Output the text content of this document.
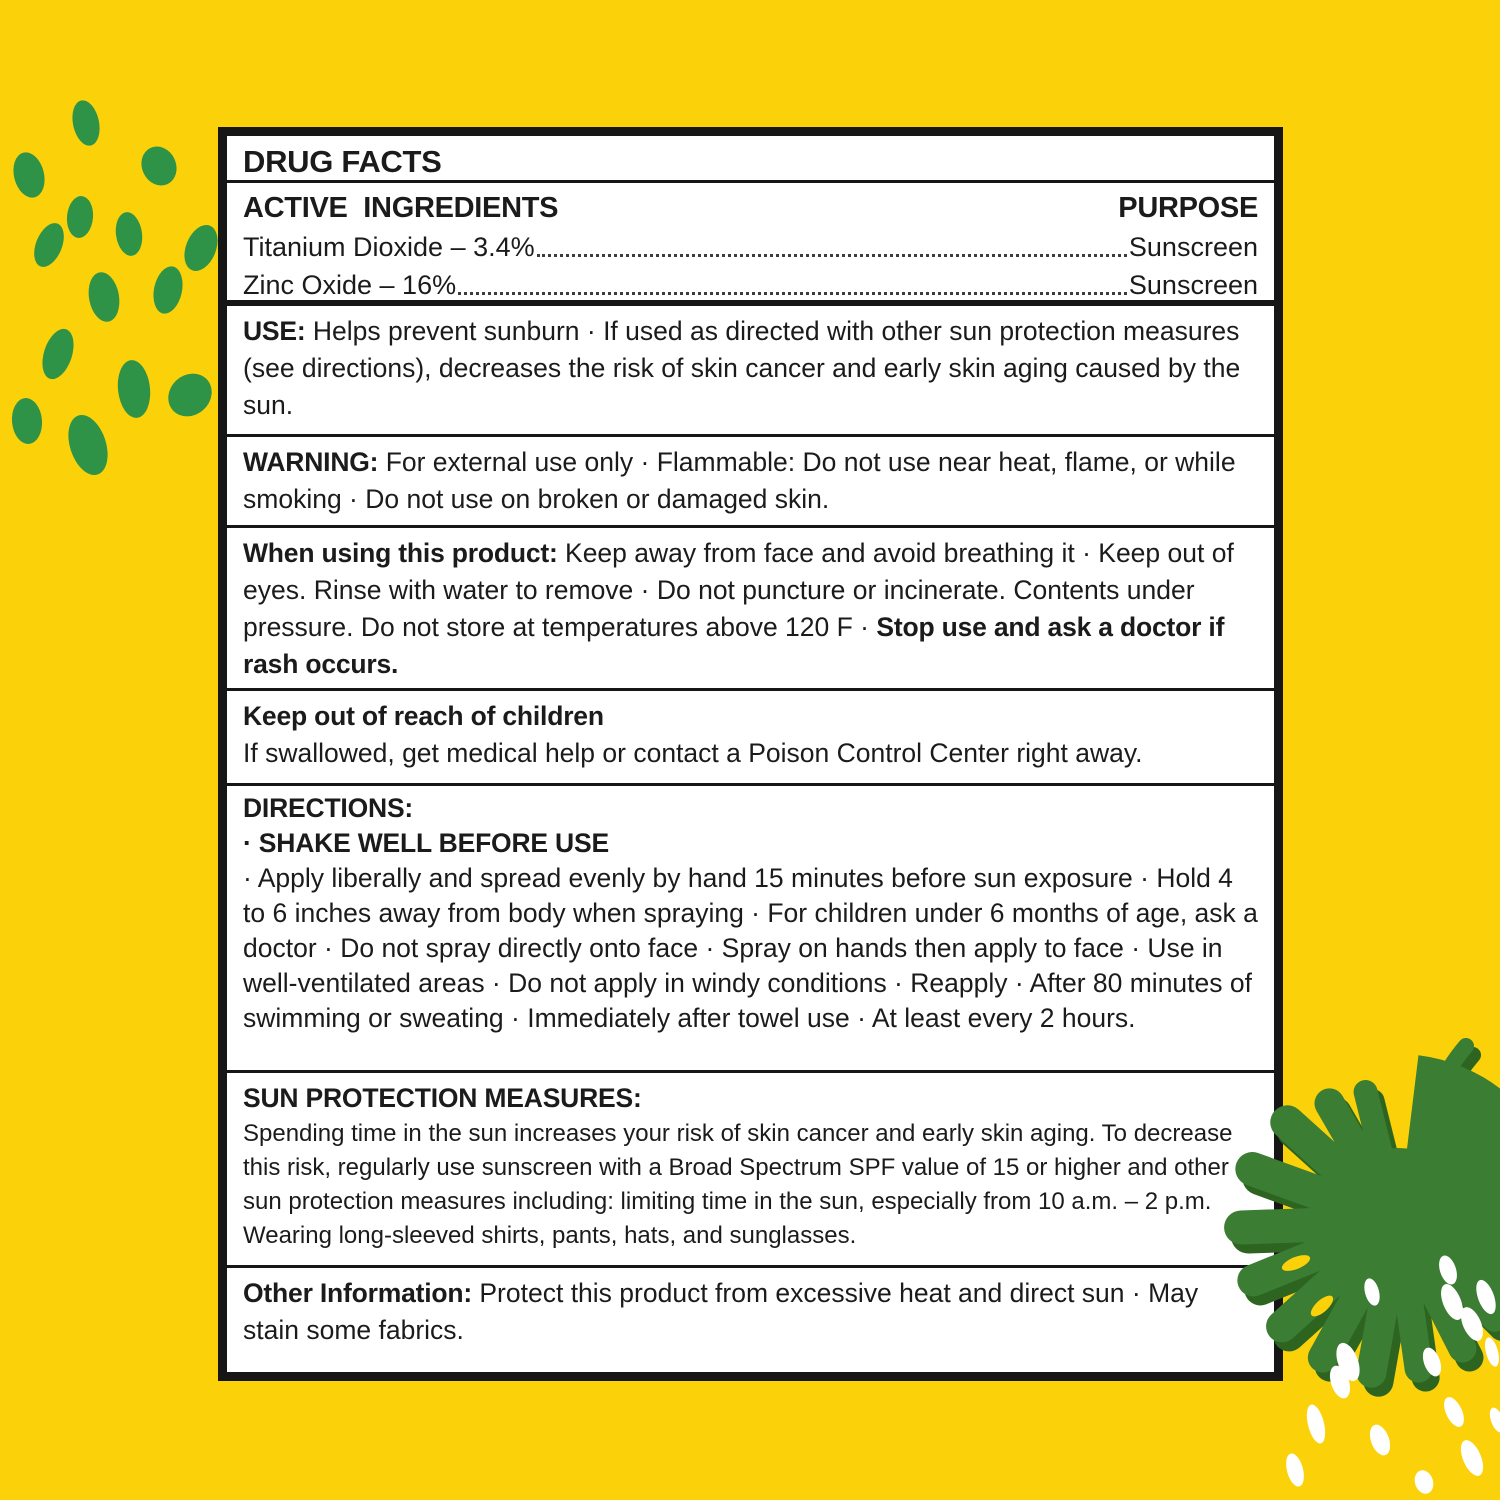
DRUG FACTS
ACTIVE INGREDIENTS	PURPOSE
Titanium Dioxide – 3.4%	Sunscreen
Zinc Oxide – 16%	Sunscreen

USE: Helps prevent sunburn · If used as directed with other sun protection measures (see directions), decreases the risk of skin cancer and early skin aging caused by the sun.

WARNING: For external use only · Flammable: Do not use near heat, flame, or while smoking · Do not use on broken or damaged skin.

When using this product: Keep away from face and avoid breathing it · Keep out of eyes. Rinse with water to remove · Do not puncture or incinerate. Contents under pressure. Do not store at temperatures above 120 F · Stop use and ask a doctor if rash occurs.

Keep out of reach of children

If swallowed, get medical help or contact a Poison Control Center right away.

DIRECTIONS:

· SHAKE WELL BEFORE USE

· Apply liberally and spread evenly by hand 15 minutes before sun exposure · Hold 4 to 6 inches away from body when spraying · For children under 6 months of age, ask a doctor · Do not spray directly onto face · Spray on hands then apply to face · Use in well-ventilated areas · Do not apply in windy conditions · Reapply · After 80 minutes of swimming or sweating · Immediately after towel use · At least every 2 hours.

SUN PROTECTION MEASURES:

Spending time in the sun increases your risk of skin cancer and early skin aging. To decrease this risk, regularly use sunscreen with a Broad Spectrum SPF value of 15 or higher and other sun protection measures including: limiting time in the sun, especially from 10 a.m. – 2 p.m. Wearing long-sleeved shirts, pants, hats, and sunglasses.

Other Information: Protect this product from excessive heat and direct sun · May stain some fabrics.
